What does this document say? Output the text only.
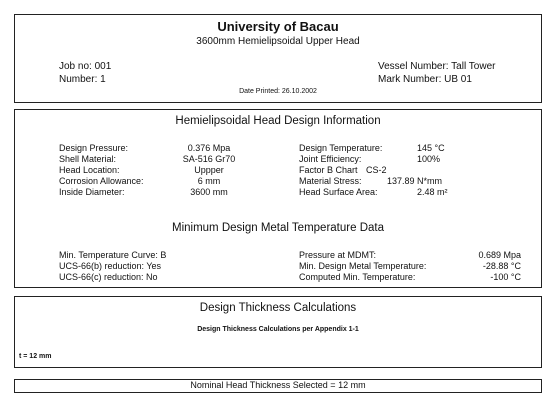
University of Bacau
3600mm Hemielipsoidal Upper Head
Job no: 001
Number: 1
Vessel Number: Tall Tower
Mark Number: UB 01
Date Printed: 26.10.2002
Hemielipsoidal Head Design Information
Design Pressure:	0.376 Mpa
Shell Material:	SA-516 Gr70
Head Location:	Uppper
Corrosion Allowance:	6 mm
Inside Diameter:	3600 mm
Design Temperature:	145 °C
Joint Efficiency:	100%
Factor B Chart CS-2
Material Stress:	137.89 N*mm
Head Surface Area:	2.48 m²
Minimum Design Metal Temperature Data
Min. Temperature Curve: B
UCS-66(b) reduction: Yes
UCS-66(c) reduction: No
Pressure at MDMT:	0.689 Mpa
Min. Design Metal Temperature:	-28.88 °C
Computed Min. Temperature:	-100 °C
Design Thickness Calculations
Design Thickness Calculations per Appendix 1-1
t = 12 mm
Nominal Head Thickness Selected = 12 mm
